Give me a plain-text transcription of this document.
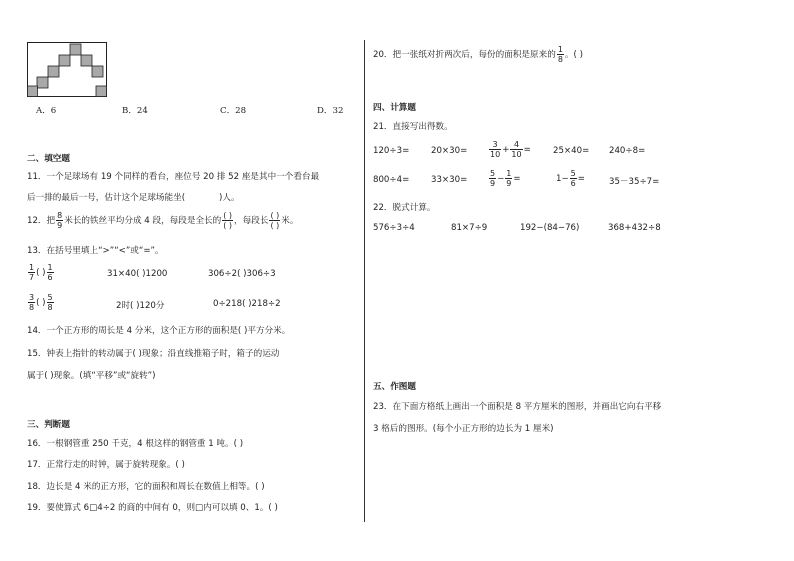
A．6	B．24	C．28	D．32
二、填空题
11．一个足球场有 19 个同样的看台，座位号 20 排 52 座是其中一个看台最
后一排的最后一号，估计这个足球场能坐(	)人。
12．把 $\frac{8}{9}$ 米长的铁丝平均分成 4 段，每段是全长的 $\frac{( )}{( )}$ ，每段长 $\frac{( )}{( )}$ 米。
13．在括号里填上“>”“<”或“=”。
$\frac{1}{7}$ ( ) $\frac{1}{6}$	31×40( )1200	306÷2( )306÷3
$\frac{3}{8}$ ( ) $\frac{5}{8}$	2时( )120分	0÷218( )218÷2
14．一个正方形的周长是 4 分米，这个正方形的面积是( )平方分米。
15．钟表上指针的转动属于( )现象；沿直线推箱子时，箱子的运动
属于( )现象。(填“平移”或“旋转”)
三、判断题
16．一根钢管重 250 千克，4 根这样的钢管重 1 吨。( )
17．正常行走的时钟，属于旋转现象。( )
18．边长是 4 米的正方形，它的面积和周长在数值上相等。( )
19．要使算式 6□4÷2 的商的中间有 0，则□内可以填 0、1。( )
20．把一张纸对折两次后，每份的面积是原来的 $\frac{1}{8}$ 。( )
四、计算题
21．直接写出得数。
120÷3=	20×30=	$\frac{3}{10} + \frac{4}{10}$ =	25×40= 240÷8=
800÷4=	33×30=	$\frac{5}{9} - \frac{1}{9}$ =	$1- \frac{5}{6}$ =	35－35÷7=
22．脱式计算。
576÷3÷4	81×7÷9	192−(84−76)	368+432÷8
五、作图题
23．在下面方格纸上画出一个面积是 8 平方厘米的图形，并画出它向右平移
3 格后的图形。(每个小正方形的边长为 1 厘米)
